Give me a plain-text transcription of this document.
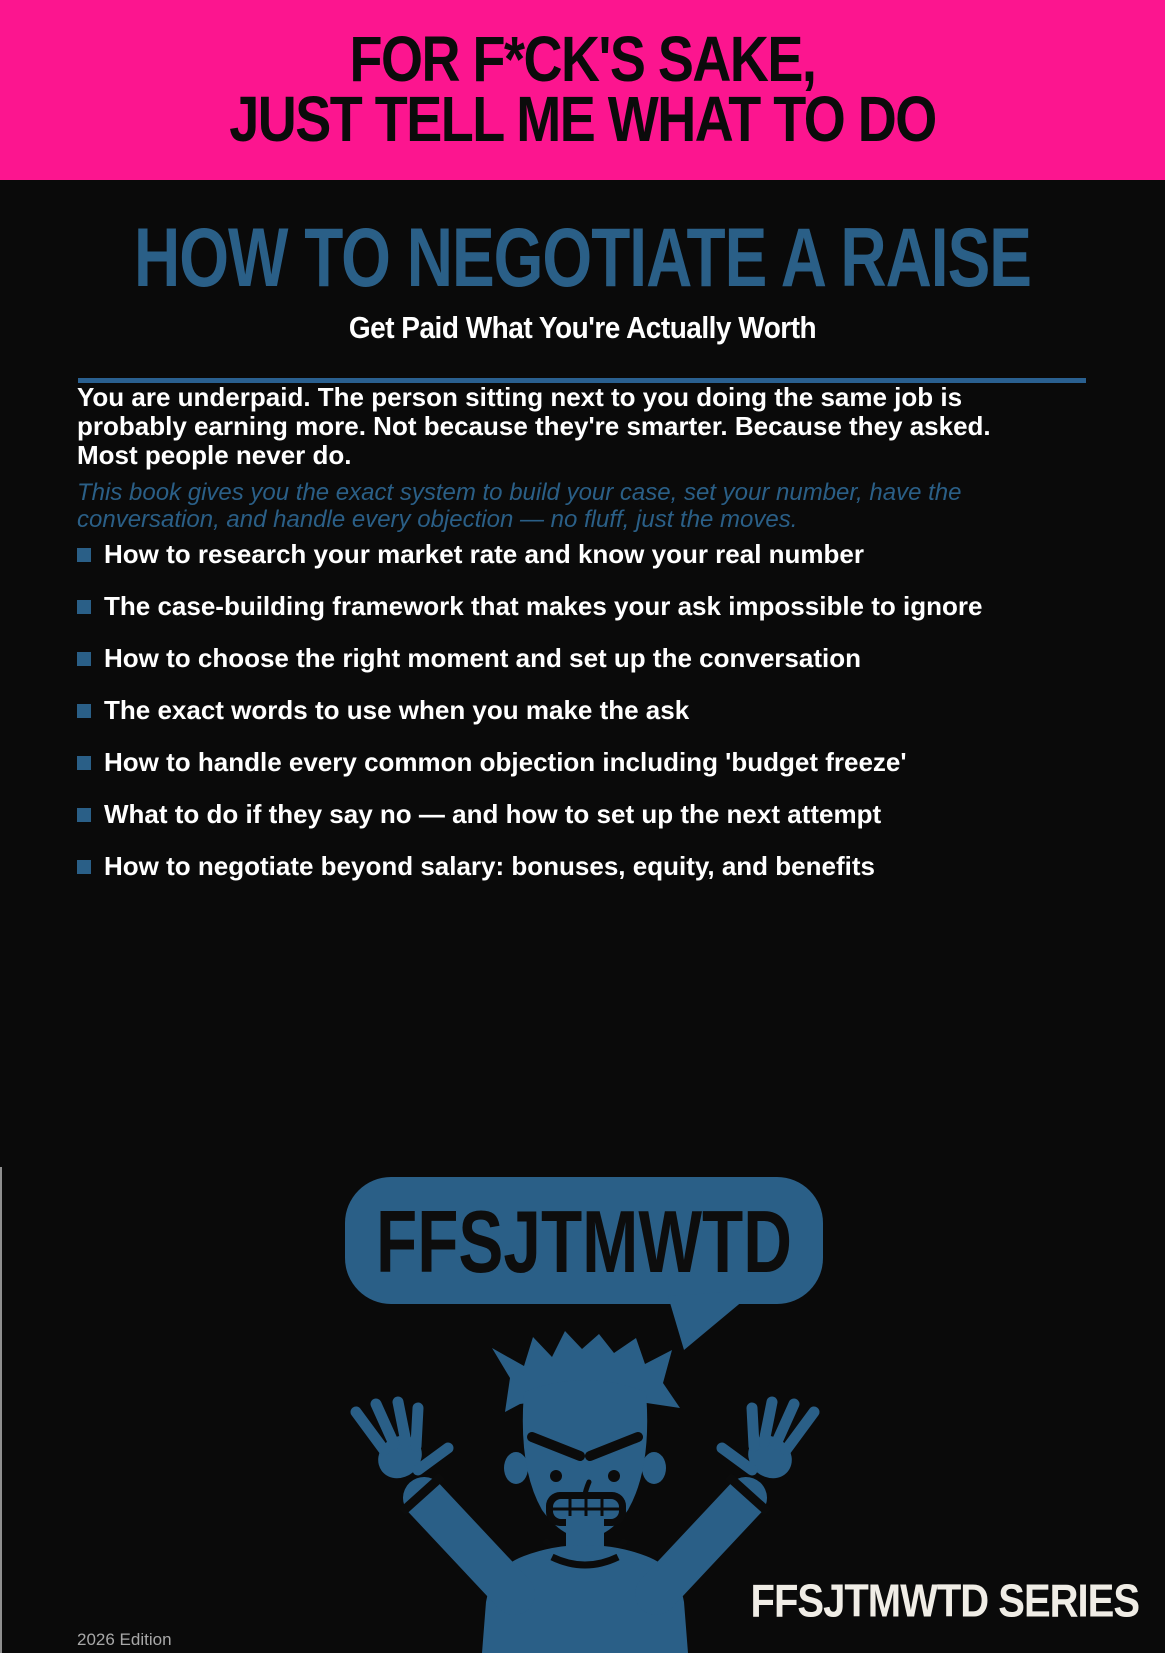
FOR F*CK'S SAKE,
JUST TELL ME WHAT TO DO
HOW TO NEGOTIATE A RAISE
Get Paid What You're Actually Worth
You are underpaid. The person sitting next to you doing the same job is probably earning more. Not because they're smarter. Because they asked. Most people never do.
This book gives you the exact system to build your case, set your number, have the conversation, and handle every objection — no fluff, just the moves.
How to research your market rate and know your real number
The case-building framework that makes your ask impossible to ignore
How to choose the right moment and set up the conversation
The exact words to use when you make the ask
How to handle every common objection including 'budget freeze'
What to do if they say no — and how to set up the next attempt
How to negotiate beyond salary: bonuses, equity, and benefits
FFSJTMWTD
FFSJTMWTD SERIES
2026 Edition
